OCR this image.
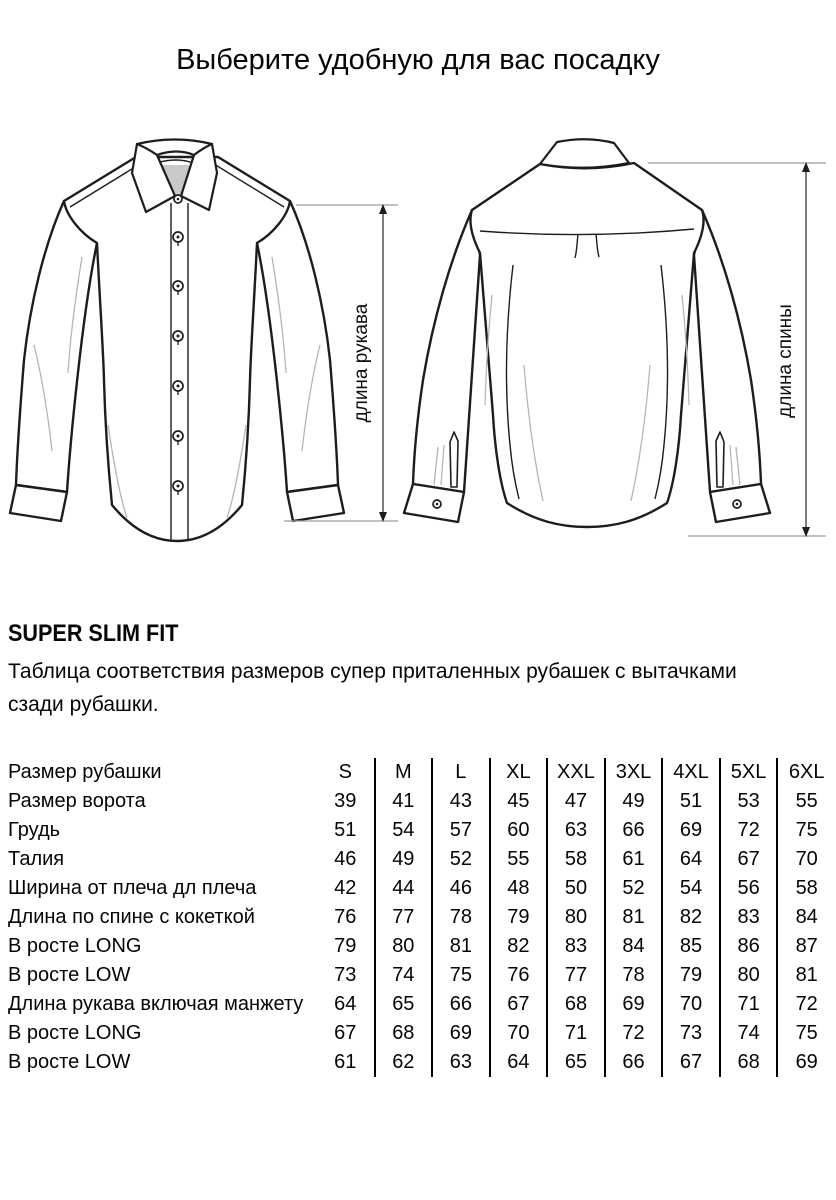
Выберите удобную для вас посадку
длина рукава	длина спины
SUPER SLIM FIT

Таблица соответствия размеров супер приталенных рубашек с вытачками
сзади рубашки.

Размер рубашки	S	M	L	XL	XXL	3XL	4XL	5XL	6XL
Размер ворота	39	41	43	45	47	49	51	53	55
Грудь	51	54	57	60	63	66	69	72	75
Талия	46	49	52	55	58	61	64	67	70
Ширина от плеча дл плеча	42	44	46	48	50	52	54	56	58
Длина по спине с кокеткой	76	77	78	79	80	81	82	83	84
В росте LONG	79	80	81	82	83	84	85	86	87
В росте LOW	73	74	75	76	77	78	79	80	81
Длина рукава включая манжету	64	65	66	67	68	69	70	71	72
В росте LONG	67	68	69	70	71	72	73	74	75
В росте LOW	61	62	63	64	65	66	67	68	69
